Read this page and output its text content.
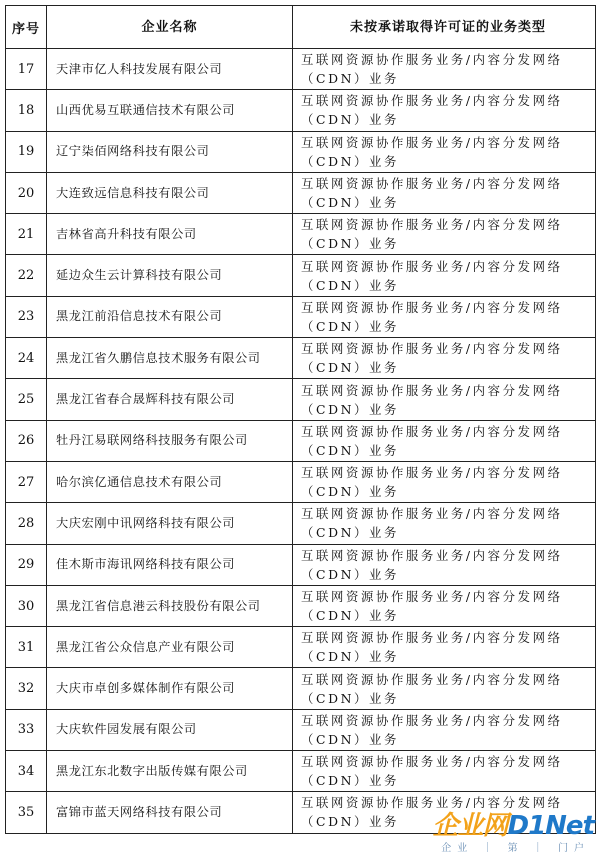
序号	企业名称	未按承诺取得许可证的业务类型
17	天津市亿人科技发展有限公司	互联网资源协作服务业务/内容分发网络
（CDN）业务

18	山西优易互联通信技术有限公司	互联网资源协作服务业务/内容分发网络
（CDN）业务

19	辽宁柒佰网络科技有限公司	互联网资源协作服务业务/内容分发网络
（CDN）业务

20	大连致远信息科技有限公司	互联网资源协作服务业务/内容分发网络
（CDN）业务

21	吉林省高升科技有限公司	互联网资源协作服务业务/内容分发网络
（CDN）业务

22	延边众生云计算科技有限公司	互联网资源协作服务业务/内容分发网络
（CDN）业务

23	黑龙江前沿信息技术有限公司	互联网资源协作服务业务/内容分发网络
（CDN）业务

24	黑龙江省久鹏信息技术服务有限公司	互联网资源协作服务业务/内容分发网络
（CDN）业务

25	黑龙江省春合晟辉科技有限公司	互联网资源协作服务业务/内容分发网络
（CDN）业务

26	牡丹江易联网络科技服务有限公司	互联网资源协作服务业务/内容分发网络
（CDN）业务

27	哈尔滨亿通信息技术有限公司	互联网资源协作服务业务/内容分发网络
（CDN）业务

28	大庆宏刚中讯网络科技有限公司	互联网资源协作服务业务/内容分发网络
（CDN）业务

29	佳木斯市海讯网络科技有限公司	互联网资源协作服务业务/内容分发网络
（CDN）业务

30	黑龙江省信息港云科技股份有限公司	互联网资源协作服务业务/内容分发网络
（CDN）业务

31	黑龙江省公众信息产业有限公司	互联网资源协作服务业务/内容分发网络
（CDN）业务

32	大庆市卓创多媒体制作有限公司	互联网资源协作服务业务/内容分发网络
（CDN）业务

33	大庆软件园发展有限公司	互联网资源协作服务业务/内容分发网络
（CDN）业务

34	黑龙江东北数字出版传媒有限公司	互联网资源协作服务业务/内容分发网络
（CDN）业务

35	富锦市蓝天网络科技有限公司	互联网资源协作服务业务/内容分发网络
（CDN）业务	企业网D1Net
企业 ｜ 第 ｜ 门户
